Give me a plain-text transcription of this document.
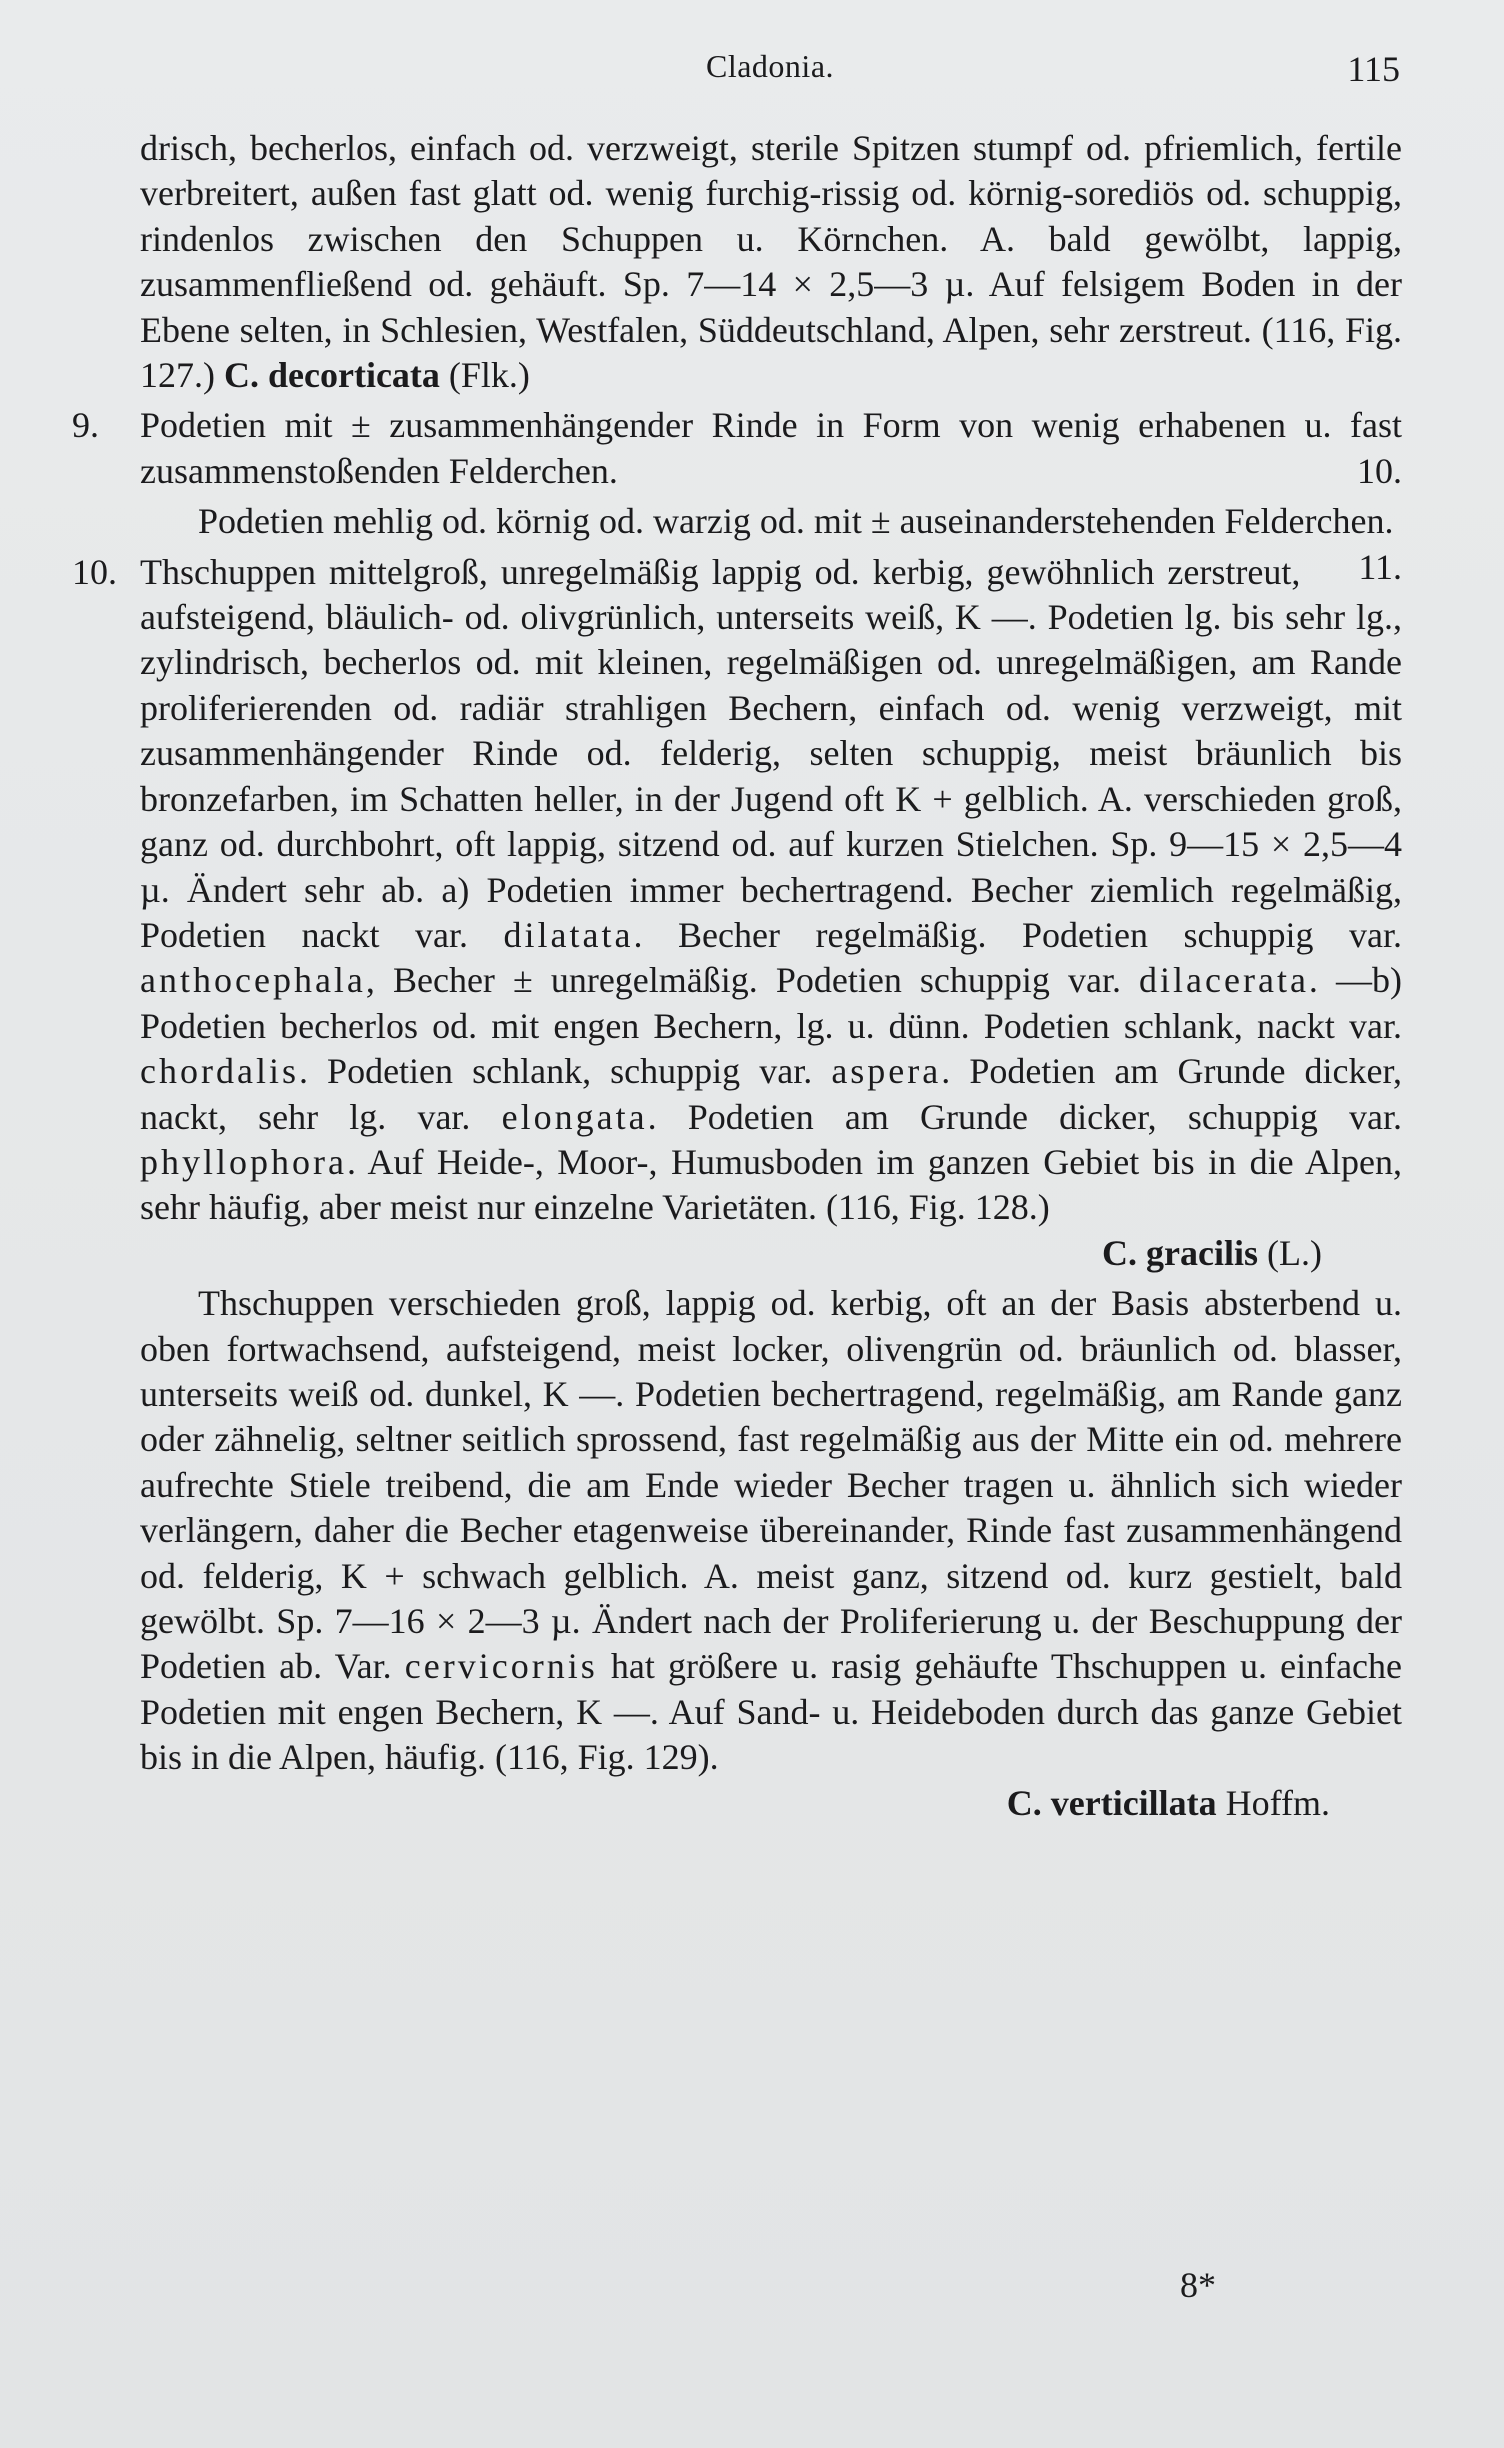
Cladonia.	115

drisch, becherlos, einfach od. verzweigt, sterile Spitzen stumpf od. pfriemlich, fertile verbreitert, außen fast glatt od. wenig furchig-rissig od. körnig-sorediös od. schuppig, rindenlos zwischen den Schuppen u. Körnchen. A. bald gewölbt, lappig, zusammenfließend od. gehäuft. Sp. 7—14 × 2,5—3 µ. Auf felsigem Boden in der Ebene selten, in Schlesien, Westfalen, Süddeutschland, Alpen, sehr zerstreut. (116, Fig. 127.) C. decorticata (Flk.)

9. Podetien mit ± zusammenhängender Rinde in Form von wenig erhabenen u. fast zusammenstoßenden Felderchen.	10.

Podetien mehlig od. körnig od. warzig od. mit ± auseinanderstehenden Felderchen.
11.

10. Thschuppen mittelgroß, unregelmäßig lappig od. kerbig, gewöhnlich zerstreut, aufsteigend, bläulich- od. olivgrünlich, unterseits weiß, K —. Podetien lg. bis sehr lg., zylindrisch, becherlos od. mit kleinen, regelmäßigen od. unregelmäßigen, am Rande proliferierenden od. radiär strahligen Bechern, einfach od. wenig verzweigt, mit zusammenhängender Rinde od. felderig, selten schuppig, meist bräunlich bis bronzefarben, im Schatten heller, in der Jugend oft K + gelblich. A. verschieden groß, ganz od. durchbohrt, oft lappig, sitzend od. auf kurzen Stielchen. Sp. 9—15 × 2,5—4 µ. Ändert sehr ab. a) Podetien immer bechertragend. Becher ziemlich regelmäßig, Podetien nackt var. dilatata. Becher regelmäßig. Podetien schuppig var. anthocephala, Becher ± unregelmäßig. Podetien schuppig var. dilacerata. —b) Podetien becherlos od. mit engen Bechern, lg. u. dünn. Podetien schlank, nackt var. chordalis. Podetien schlank, schuppig var. aspera. Podetien am Grunde dicker, nackt, sehr lg. var. elongata. Podetien am Grunde dicker, schuppig var. phyllophora. Auf Heide-, Moor-, Humusboden im ganzen Gebiet bis in die Alpen, sehr häufig, aber meist nur einzelne Varietäten. (116, Fig. 128.)
C. gracilis (L.)

Thschuppen verschieden groß, lappig od. kerbig, oft an der Basis absterbend u. oben fortwachsend, aufsteigend, meist locker, olivengrün od. bräunlich od. blasser, unterseits weiß od. dunkel, K —. Podetien bechertragend, regelmäßig, am Rande ganz oder zähnelig, seltner seitlich sprossend, fast regelmäßig aus der Mitte ein od. mehrere aufrechte Stiele treibend, die am Ende wieder Becher tragen u. ähnlich sich wieder verlängern, daher die Becher etagenweise übereinander, Rinde fast zusammenhängend od. felderig, K + schwach gelblich. A. meist ganz, sitzend od. kurz gestielt, bald gewölbt. Sp. 7—16 × 2—3 µ. Ändert nach der Proliferierung u. der Beschuppung der Podetien ab. Var. cervicornis hat größere u. rasig gehäufte Thschuppen u. einfache Podetien mit engen Bechern, K —. Auf Sand- u. Heideboden durch das ganze Gebiet bis in die Alpen, häufig. (116, Fig. 129).
C. verticillata Hoffm.

8*
